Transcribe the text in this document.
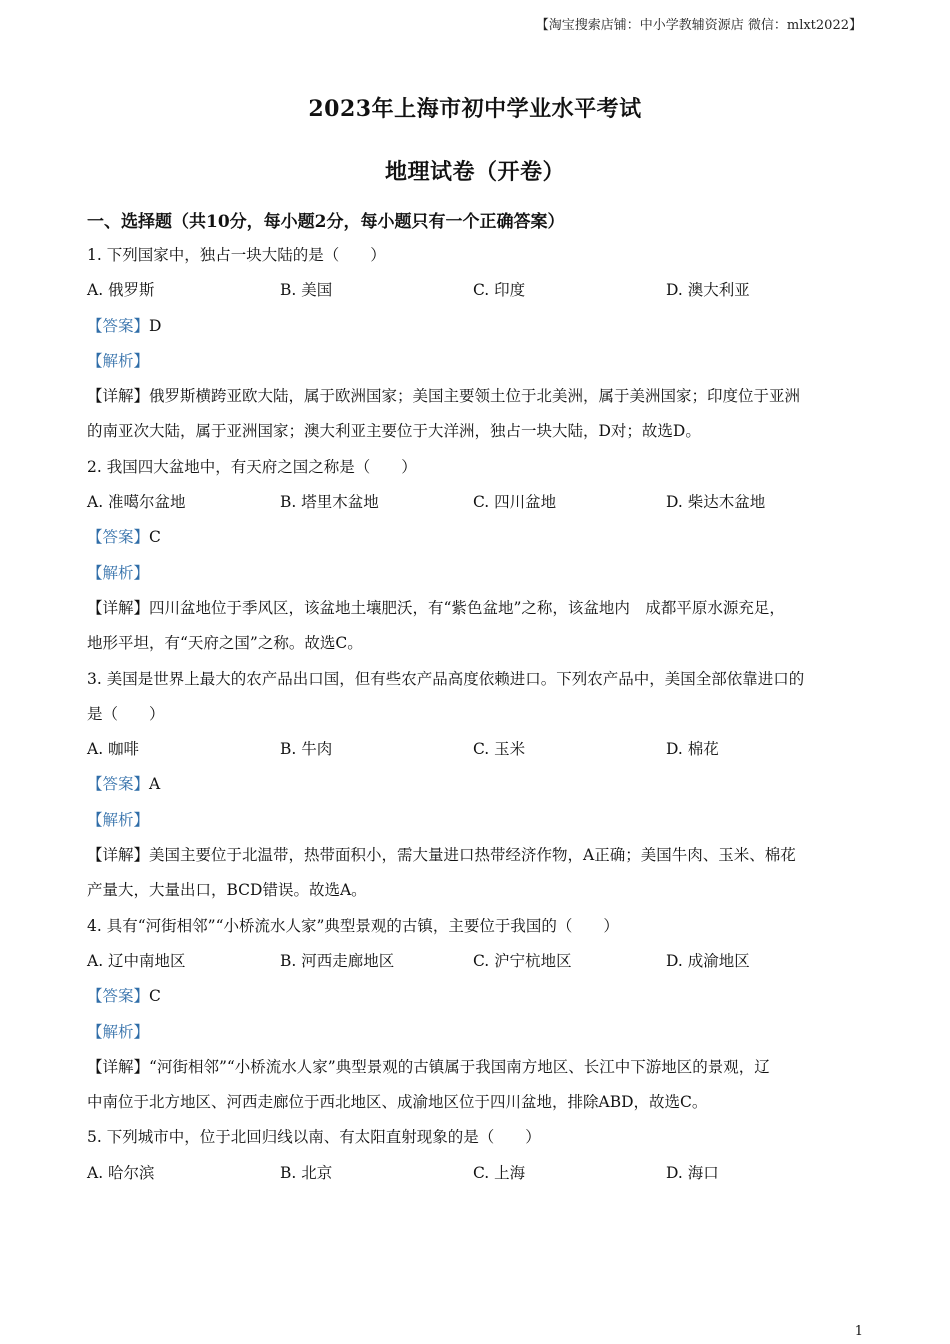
【淘宝搜索店铺：中小学教辅资源店 微信：mlxt2022】
2023年上海市初中学业水平考试
地理试卷（开卷）
一、选择题（共10分，每小题2分，每小题只有一个正确答案）
1. 下列国家中，独占一块大陆的是（　　）
A. 俄罗斯	B. 美国	C. 印度	D. 澳大利亚
【答案】D
【解析】
【详解】俄罗斯横跨亚欧大陆，属于欧洲国家；美国主要领土位于北美洲，属于美洲国家；印度位于亚洲
的南亚次大陆，属于亚洲国家；澳大利亚主要位于大洋洲，独占一块大陆，D对；故选D。
2. 我国四大盆地中，有天府之国之称是（　　）
A. 准噶尔盆地	B. 塔里木盆地	C. 四川盆地	D. 柴达木盆地
【答案】C
【解析】
【详解】四川盆地位于季风区，该盆地土壤肥沃，有“紫色盆地”之称，该盆地内　成都平原水源充足，
地形平坦，有“天府之国”之称。故选C。
3. 美国是世界上最大的农产品出口国，但有些农产品高度依赖进口。下列农产品中，美国全部依靠进口的
是（　　）
A. 咖啡	B. 牛肉	C. 玉米	D. 棉花
【答案】A
【解析】
【详解】美国主要位于北温带，热带面积小，需大量进口热带经济作物，A正确；美国牛肉、玉米、棉花
产量大，大量出口，BCD错误。故选A。
4. 具有“河街相邻”“小桥流水人家”典型景观的古镇，主要位于我国的（　　）
A. 辽中南地区	B. 河西走廊地区	C. 沪宁杭地区	D. 成渝地区
【答案】C
【解析】
【详解】“河街相邻”“小桥流水人家”典型景观的古镇属于我国南方地区、长江中下游地区的景观，辽
中南位于北方地区、河西走廊位于西北地区、成渝地区位于四川盆地，排除ABD，故选C。
5. 下列城市中，位于北回归线以南、有太阳直射现象的是（　　）
A. 哈尔滨	B. 北京	C. 上海	D. 海口
1
